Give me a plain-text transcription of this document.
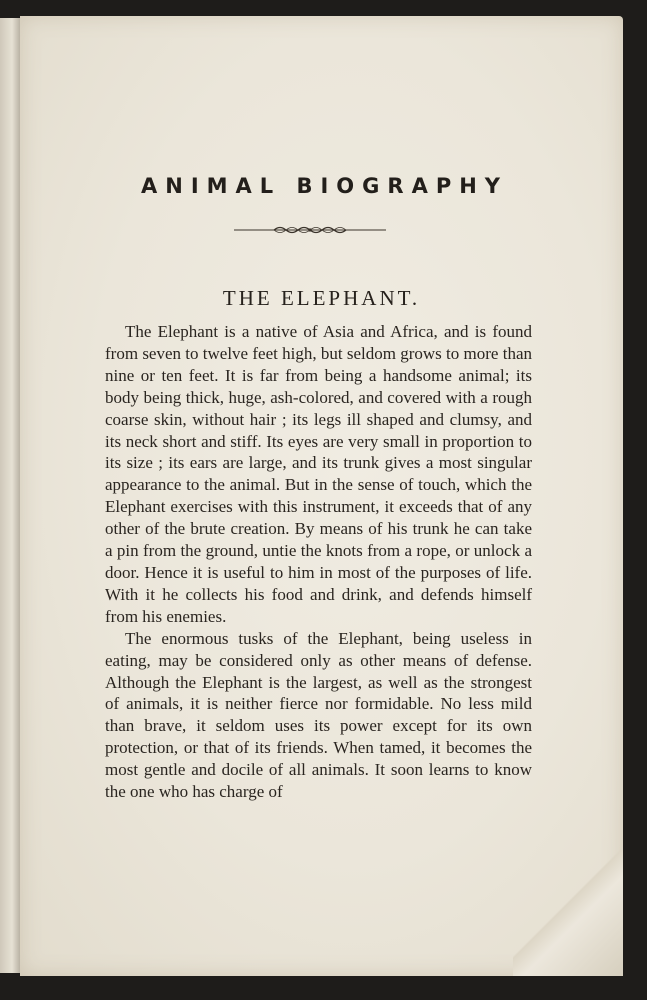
ANIMAL BIOGRAPHY
THE ELEPHANT.

The Elephant is a native of Asia and Africa, and is found from seven to twelve feet high, but seldom grows to more than nine or ten feet. It is far from being a handsome animal; its body being thick, huge, ash-colored, and covered with a rough coarse skin, without hair ; its legs ill shaped and clumsy, and its neck short and stiff. Its eyes are very small in proportion to its size ; its ears are large, and its trunk gives a most singular appearance to the animal. But in the sense of touch, which the Elephant exercises with this instrument, it exceeds that of any other of the brute creation. By means of his trunk he can take a pin from the ground, untie the knots from a rope, or unlock a door. Hence it is useful to him in most of the purposes of life. With it he collects his food and drink, and defends himself from his enemies.

The enormous tusks of the Elephant, being useless in eating, may be considered only as other means of defense. Although the Elephant is the largest, as well as the strongest of animals, it is neither fierce nor formidable. No less mild than brave, it seldom uses its power except for its own protection, or that of its friends. When tamed, it becomes the most gentle and docile of all animals. It soon learns to know the one who has charge of
